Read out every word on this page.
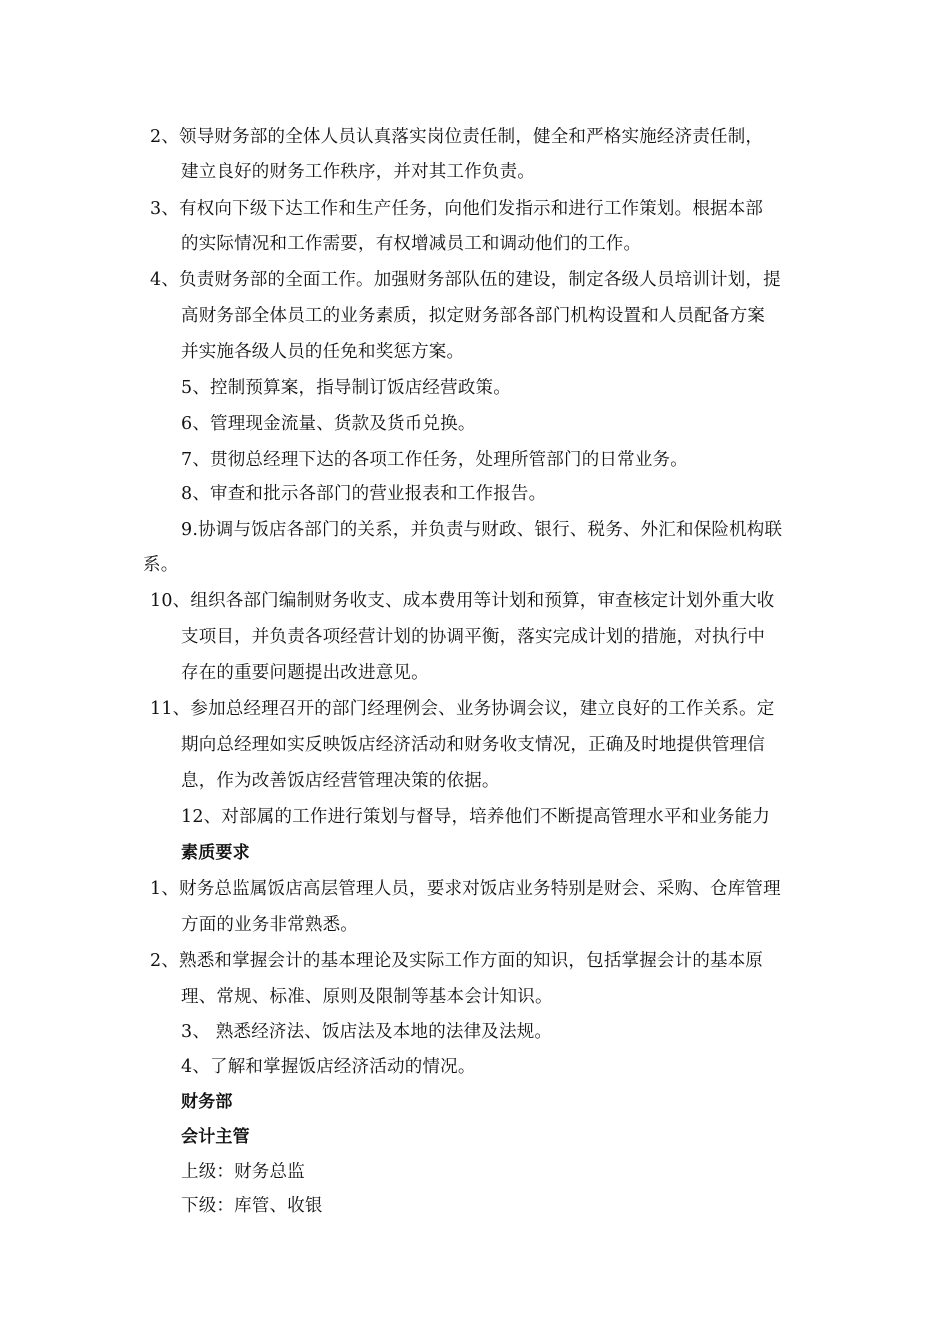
2、领导财务部的全体人员认真落实岗位责任制，健全和严格实施经济责任制，
建立良好的财务工作秩序，并对其工作负责。
3、有权向下级下达工作和生产任务，向他们发指示和进行工作策划。根据本部
的实际情况和工作需要，有权增减员工和调动他们的工作。
4、负责财务部的全面工作。加强财务部队伍的建设，制定各级人员培训计划，提
高财务部全体员工的业务素质，拟定财务部各部门机构设置和人员配备方案
并实施各级人员的任免和奖惩方案。
5、控制预算案，指导制订饭店经营政策。
6、管理现金流量、货款及货币兑换。
7、贯彻总经理下达的各项工作任务，处理所管部门的日常业务。
8、审查和批示各部门的营业报表和工作报告。
9.协调与饭店各部门的关系，并负责与财政、银行、税务、外汇和保险机构联
系。
10、组织各部门编制财务收支、成本费用等计划和预算，审查核定计划外重大收
支项目，并负责各项经营计划的协调平衡，落实完成计划的措施，对执行中
存在的重要问题提出改进意见。
11、参加总经理召开的部门经理例会、业务协调会议，建立良好的工作关系。定
期向总经理如实反映饭店经济活动和财务收支情况，正确及时地提供管理信
息，作为改善饭店经营管理决策的依据。
12、对部属的工作进行策划与督导，培养他们不断提高管理水平和业务能力
素质要求
1、财务总监属饭店高层管理人员，要求对饭店业务特别是财会、采购、仓库管理
方面的业务非常熟悉。
2、熟悉和掌握会计的基本理论及实际工作方面的知识，包括掌握会计的基本原
理、常规、标准、原则及限制等基本会计知识。
3、 熟悉经济法、饭店法及本地的法律及法规。
4、了解和掌握饭店经济活动的情况。
财务部
会计主管
上级：财务总监
下级：库管、收银
